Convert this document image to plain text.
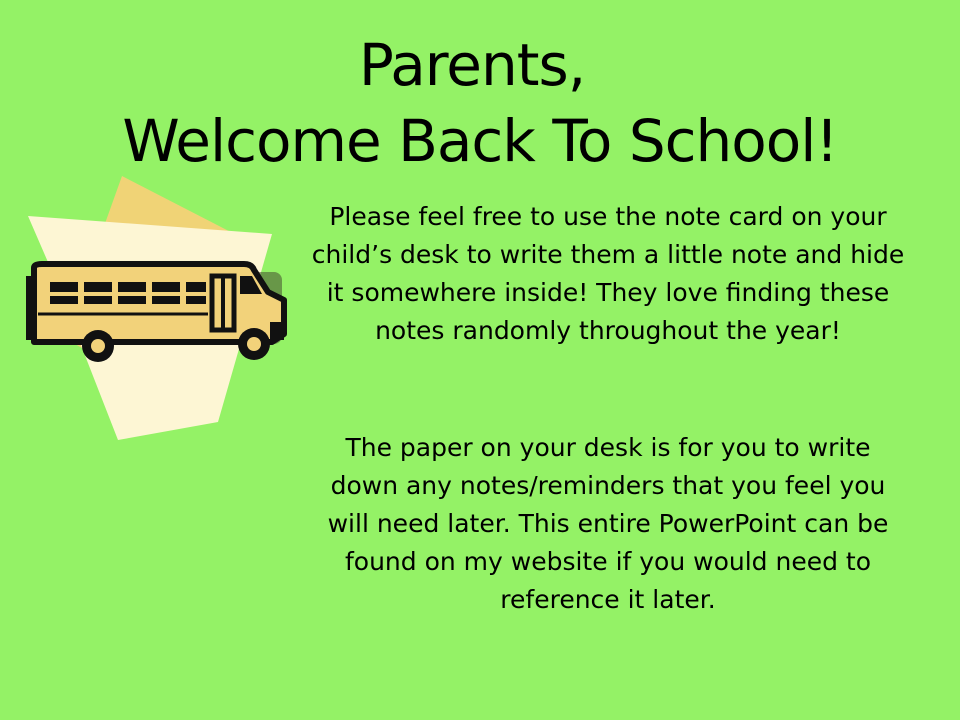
Parents,
Welcome Back To School!
Please feel free to use the note card on your child’s desk to write them a little note and hide it somewhere inside! They love finding these notes randomly throughout the year!
The paper on your desk is for you to write down any notes/reminders that you feel you will need later. This entire PowerPoint can be found on my website if you would need to reference it later.
